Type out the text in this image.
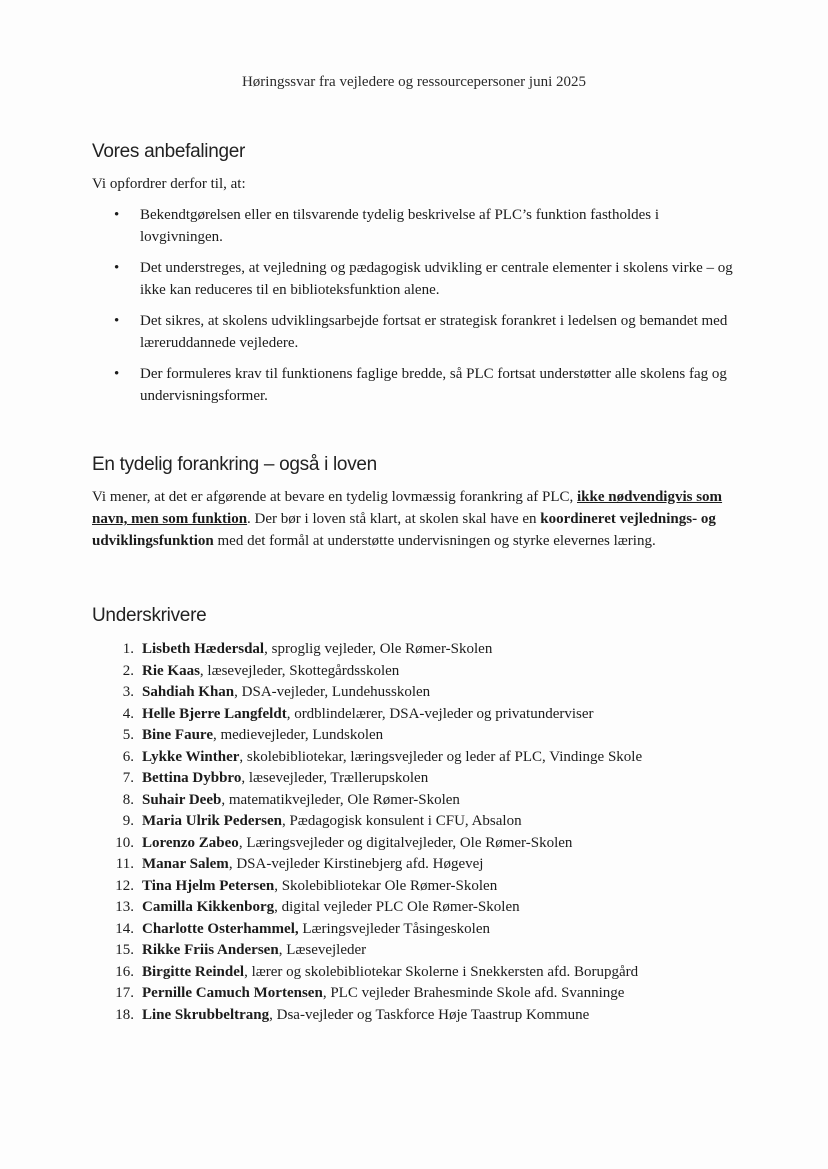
Høringssvar fra vejledere og ressourcepersoner juni 2025
Vores anbefalinger
Vi opfordrer derfor til, at:
• Bekendtgørelsen eller en tilsvarende tydelig beskrivelse af PLC’s funktion fastholdes i lovgivningen.
• Det understreges, at vejledning og pædagogisk udvikling er centrale elementer i skolens virke – og ikke kan reduceres til en biblioteksfunktion alene.
• Det sikres, at skolens udviklingsarbejde fortsat er strategisk forankret i ledelsen og bemandet med læreruddannede vejledere.
• Der formuleres krav til funktionens faglige bredde, så PLC fortsat understøtter alle skolens fag og undervisningsformer.
En tydelig forankring – også i loven
Vi mener, at det er afgørende at bevare en tydelig lovmæssig forankring af PLC, ikke nødvendigvis som navn, men som funktion. Der bør i loven stå klart, at skolen skal have en koordineret vejlednings- og udviklingsfunktion med det formål at understøtte undervisningen og styrke elevernes læring.
Underskrivere
1. Lisbeth Hædersdal, sproglig vejleder, Ole Rømer-Skolen
2. Rie Kaas, læsevejleder, Skottegårdsskolen
3. Sahdiah Khan, DSA-vejleder, Lundehusskolen
4. Helle Bjerre Langfeldt, ordblindelærer, DSA-vejleder og privatunderviser
5. Bine Faure, medievejleder, Lundskolen
6. Lykke Winther, skolebibliotekar, læringsvejleder og leder af PLC, Vindinge Skole
7. Bettina Dybbro, læsevejleder, Trællerupskolen
8. Suhair Deeb, matematikvejleder, Ole Rømer-Skolen
9. Maria Ulrik Pedersen, Pædagogisk konsulent i CFU, Absalon
10. Lorenzo Zabeo, Læringsvejleder og digitalvejleder, Ole Rømer-Skolen
11. Manar Salem, DSA-vejleder Kirstinebjerg afd. Høgevej
12. Tina Hjelm Petersen, Skolebibliotekar Ole Rømer-Skolen
13. Camilla Kikkenborg, digital vejleder PLC Ole Rømer-Skolen
14. Charlotte Osterhammel, Læringsvejleder Tåsingeskolen
15. Rikke Friis Andersen, Læsevejleder
16. Birgitte Reindel, lærer og skolebibliotekar Skolerne i Snekkersten afd. Borupgård
17. Pernille Camuch Mortensen, PLC vejleder Brahesminde Skole afd. Svanninge
18. Line Skrubbeltrang, Dsa-vejleder og Taskforce Høje Taastrup Kommune
